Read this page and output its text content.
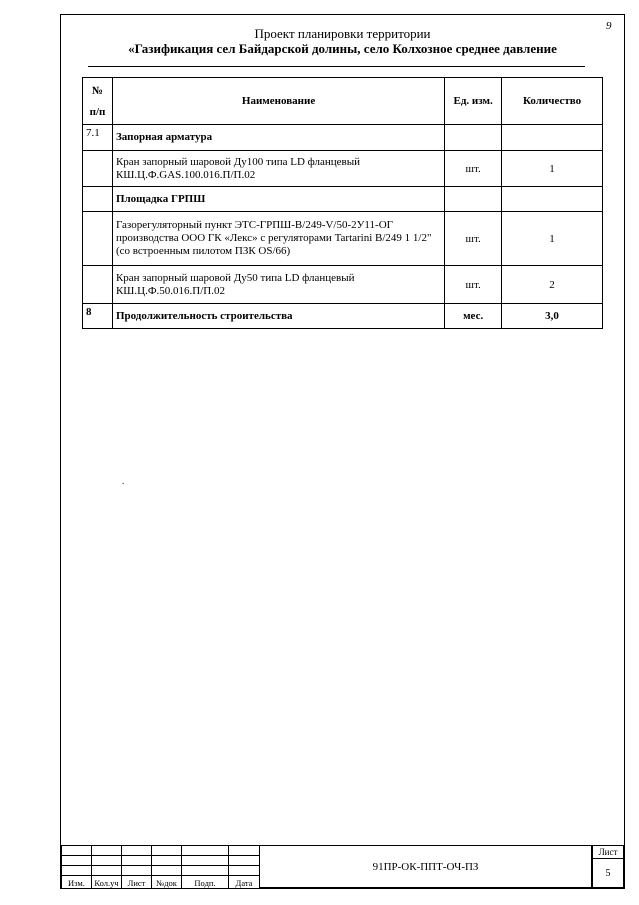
9
Проект планировки территории
«Газификация сел Байдарской долины, село Колхозное среднее давление
№
п/п	Наименование	Ед. изм.	Количество
7.1	Запорная арматура		
	Кран запорный шаровой Ду100 типа LD фланцевый КШ.Ц.Ф.GAS.100.016.П/П.02	шт.	1
	Площадка ГРПШ		
	Газорегуляторный пункт ЭТС-ГРПШ-В/249-V/50-2У11-ОГ производства ООО ГК «Лекс» с регуляторами Tartarini B/249 1 1/2" (со встроенным пилотом ПЗК OS/66)	шт.	1
	Кран запорный шаровой Ду50 типа LD фланцевый КШ.Ц.Ф.50.016.П/П.02	шт.	2
8	Продолжительность строительства	мес.	3,0
.

Изм.	Кол.уч	Лист	№док	Подп.	Дата
91ПР-ОК-ППТ-ОЧ-ПЗ
Лист
5
